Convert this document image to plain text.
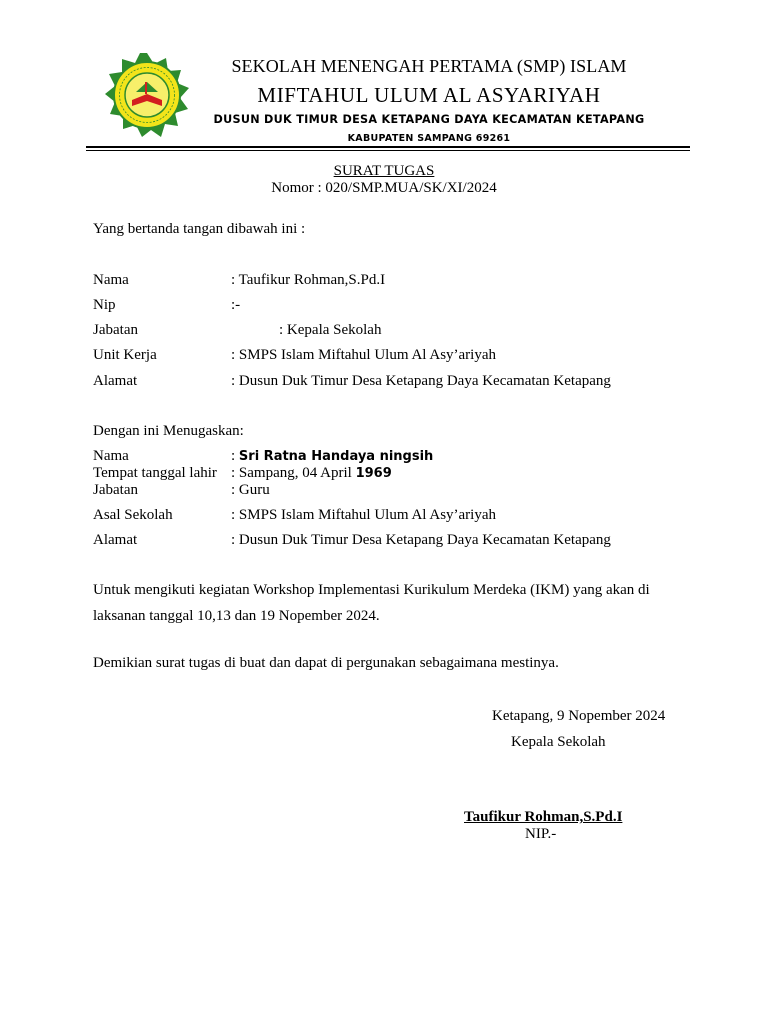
SEKOLAH MENENGAH PERTAMA (SMP) ISLAM
MIFTAHUL ULUM AL ASYARIYAH
DUSUN DUK TIMUR DESA KETAPANG DAYA KECAMATAN KETAPANG
KABUPATEN SAMPANG 69261
SURAT TUGAS
Nomor : 020/SMP.MUA/SK/XI/2024
Yang bertanda tangan dibawah ini :
Nama	: Taufikur Rohman,S.Pd.I
Nip	:-
Jabatan	: Kepala Sekolah
Unit Kerja	: SMPS Islam Miftahul Ulum Al Asy’ariyah
Alamat	: Dusun Duk Timur Desa Ketapang Daya Kecamatan Ketapang
Dengan ini Menugaskan:
Nama	: Sri Ratna Handaya ningsih
Tempat tanggal lahir : Sampang, 04 April 1969
Jabatan	: Guru
Asal Sekolah	: SMPS Islam Miftahul Ulum Al Asy’ariyah
Alamat	: Dusun Duk Timur Desa Ketapang Daya Kecamatan Ketapang
Untuk mengikuti kegiatan Workshop Implementasi Kurikulum Merdeka (IKM) yang akan di
laksanan tanggal 10,13 dan 19 Nopember 2024.
Demikian surat tugas di buat dan dapat di pergunakan sebagaimana mestinya.
Ketapang, 9 Nopember 2024
Kepala Sekolah
Taufikur Rohman,S.Pd.I
NIP.-
